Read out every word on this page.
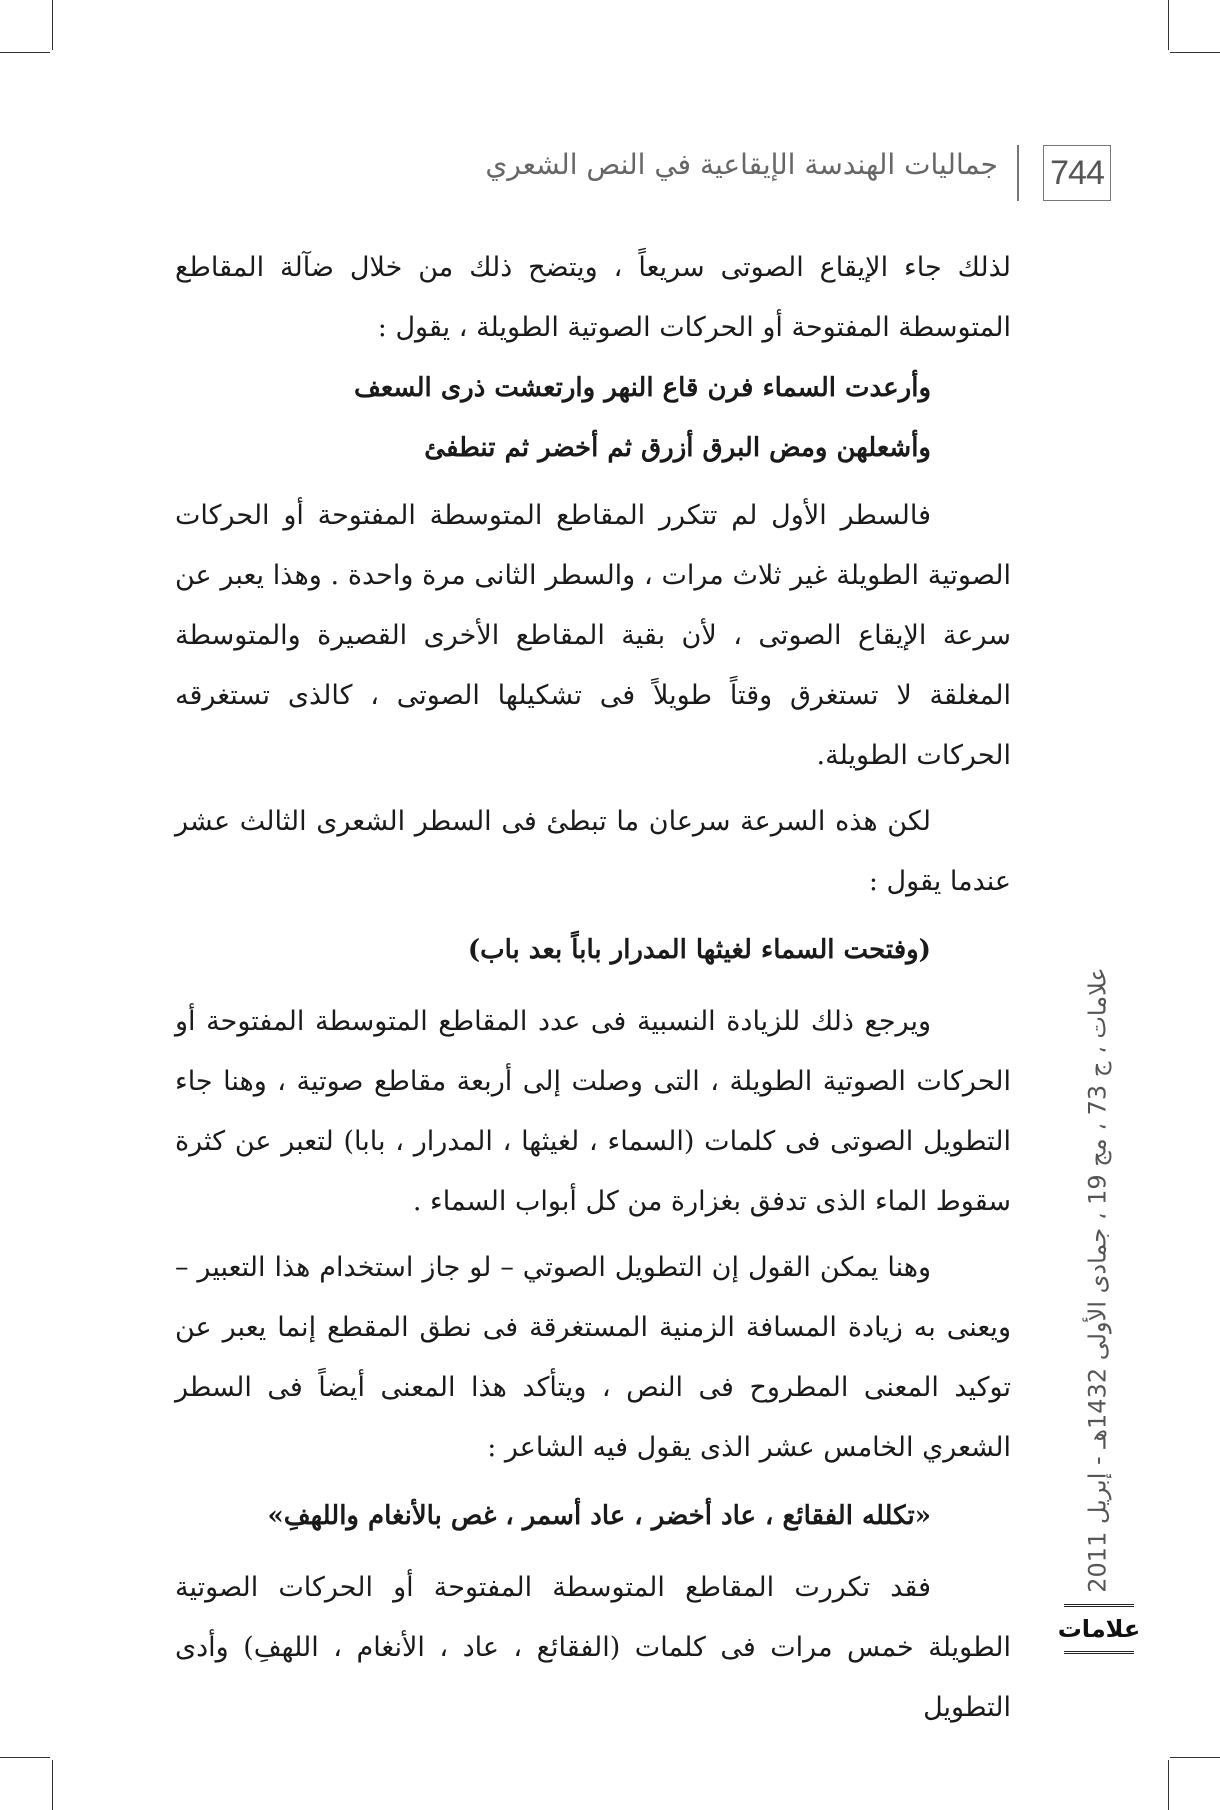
744
جماليات الهندسة الإيقاعية في النص الشعري

لذلك جاء الإيقاع الصوتى سريعاً ، ويتضح ذلك من خلال ضآلة المقاطع المتوسطة المفتوحة أو الحركات الصوتية الطويلة ، يقول :

وأرعدت السماء فرن قاع النهر وارتعشت ذرى السعف

وأشعلهن ومض البرق أزرق ثم أخضر ثم تنطفئ

فالسطر الأول لم تتكرر المقاطع المتوسطة المفتوحة أو الحركات الصوتية الطويلة غير ثلاث مرات ، والسطر الثانى مرة واحدة . وهذا يعبر عن سرعة الإيقاع الصوتى ، لأن بقية المقاطع الأخرى القصيرة والمتوسطة المغلقة لا تستغرق وقتاً طويلاً فى تشكيلها الصوتى ، كالذى تستغرقه الحركات الطويلة.

لكن هذه السرعة سرعان ما تبطئ فى السطر الشعرى الثالث عشر عندما يقول :

(وفتحت السماء لغيثها المدرار باباً بعد باب)

ويرجع ذلك للزيادة النسبية فى عدد المقاطع المتوسطة المفتوحة أو الحركات الصوتية الطويلة ، التى وصلت إلى أربعة مقاطع صوتية ، وهنا جاء التطويل الصوتى فى كلمات (السماء ، لغيثها ، المدرار ، بابا) لتعبر عن كثرة سقوط الماء الذى تدفق بغزارة من كل أبواب السماء .

وهنا يمكن القول إن التطويل الصوتي – لو جاز استخدام هذا التعبير – ويعنى به زيادة المسافة الزمنية المستغرقة فى نطق المقطع إنما يعبر عن توكيد المعنى المطروح فى النص ، ويتأكد هذا المعنى أيضاً فى السطر الشعري الخامس عشر الذى يقول فيه الشاعر :

«تكلله الفقائع ، عاد أخضر ، عاد أسمر ، غص بالأنغام واللهفِ»

فقد تكررت المقاطع المتوسطة المفتوحة أو الحركات الصوتية الطويلة خمس مرات فى كلمات (الفقائع ، عاد ، الأنغام ، اللهفِ) وأدى التطويل

علامات ، ج 73 ، مج 19 ، جمادى الأولى 1432هـ - إبريل 2011
علامات
